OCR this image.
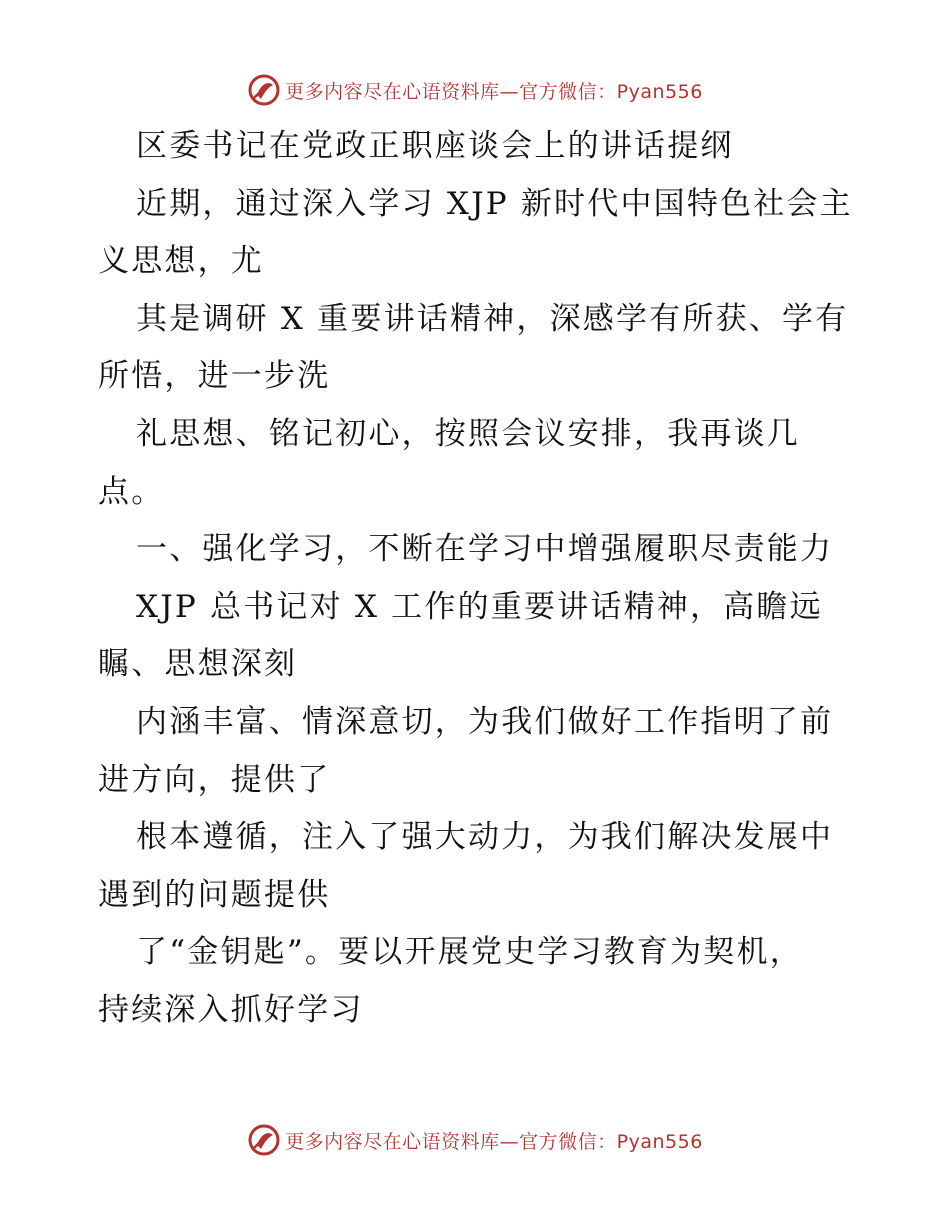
更多内容尽在心语资料库—官方微信：Pyan556
区委书记在党政正职座谈会上的讲话提纲
近期，通过深入学习 XJP 新时代中国特色社会主
义思想，尤
其是调研 X 重要讲话精神，深感学有所获、学有
所悟，进一步洗
礼思想、铭记初心，按照会议安排，我再谈几
点。
一、强化学习，不断在学习中增强履职尽责能力
XJP 总书记对 X 工作的重要讲话精神，高瞻远
瞩、思想深刻
内涵丰富、情深意切，为我们做好工作指明了前
进方向，提供了
根本遵循，注入了强大动力，为我们解决发展中
遇到的问题提供
了“金钥匙”。要以开展党史学习教育为契机，
持续深入抓好学习
更多内容尽在心语资料库—官方微信：Pyan556
